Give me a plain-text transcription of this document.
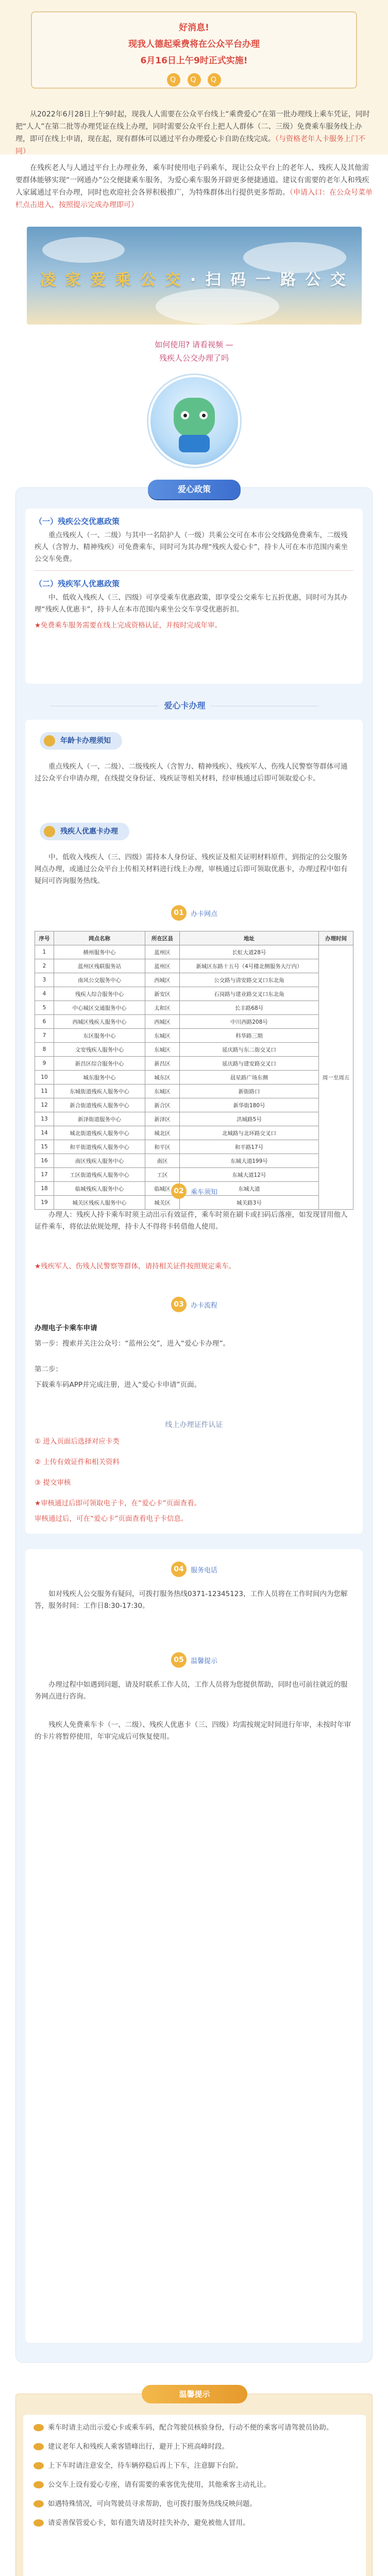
好消息!

现我人德起乘费将在公众平台办理

6月16日上午9时正式实施!

Q Q Q
从2022年6月28日上午9时起，现我人人需要在公众平台线上“乘费爱心”在第一批办理线上乘车凭证，同时把“人人”在第二批等办理凭证在线上办理，同时需要公众平台上把人人群体（二、三级）免费乘车服务线上办理，即可在线上申请，现在起，现有群体可以通过平台办理爱心卡自助在线完成。（与资格老年人卡服务上门不同）
在残疾老人与人通过平台上办理业务，乘车时使用电子码乘车，现让公众平台上的老年人、残疾人及其他需要群体能够实现“一网通办”公交便捷乘车服务，为爱心乘车服务开辟更多便捷通道。建议有需要的老年人和残疾人家属通过平台办理，同时也欢迎社会各界积极推广，为特殊群体出行提供更多帮助。（申请入口：在公众号菜单栏点击进入，按照提示完成办理即可）
凌 家 爱 乘 公 交 · 扫 码 一 路 公 交
如何使用? 请看视频 —
残疾人公交办理了吗
爱心政策
（一）残疾公交优惠政策
重点残疾人（一、二级）与其中一名陪护人（一级）共乘公交可在本市公交线路免费乘车，二级残疾人（含智力、精神残疾）可免费乘车，同时可为其办理“残疾人爱心卡”，持卡人可在本市范围内乘坐公交车免费。
（二）残疾军人优惠政策
中、低收入残疾人（三、四级）可享受乘车优惠政策，即享受公交乘车七五折优惠，同时可为其办理“残疾人优惠卡”，持卡人在本市范围内乘坐公交车享受优惠折扣。
★免费乘车服务需要在线上完成资格认证，并按时完成年审。
爱心卡办理
年龄卡办理须知
重点残疾人（一、二级）、二级残疾人（含智力、精神残疾）、残疾军人、伤残人民警察等群体可通过公众平台申请办理，在线提交身份证、残疾证等相关材料，经审核通过后即可领取爱心卡。
残疾人优惠卡办理
中、低收入残疾人（三、四级）需持本人身份证、残疾证及相关证明材料原件，到指定的公交服务网点办理，或通过公众平台上传相关材料进行线上办理，审核通过后即可领取优惠卡，办理过程中如有疑问可咨询服务热线。
01 办卡网点
序号	网点名称	所在区县	地址	办理时间
1	横州服务中心	蓝州区	长虹大道28号	周一至周五
2	蓝州区残联服务站	蓝州区	新城区东路十五号（4号楼北侧服务大厅内）	
3	南风公交服务中心	西城区	公交路与清安路交叉口东北角	
4	残疾人综合服务中心	新安区	石岗路与建业路交叉口东北角	
5	中心城区交通服务中心	太和区	长丰路68号	
6	西城区残疾人服务中心	西城区	中川西路208号	
7	东区服务中心	东城区	科华路三期	
8	文安残疾人服务中心	东城区	延庆路与东二街交叉口	
9	新昌区综合服务中心	新昌区	延庆路与建安路交叉口	
10	城东服务中心	城东区	晨星路广场东侧	
11	东城街道残疾人服务中心	东城区	新街路口	
12	新合街道残疾人服务中心	新合区	新华街180号	
13	新泽街道服务中心	新泽区	洪城路5号	
14	城北街道残疾人服务中心	城北区	北城路与北环路交叉口	
15	和平街道残疾人服务中心	和平区	和平路17号	
16	南区残疾人服务中心	南区	东城大道199号	
17	工区街道残疾人服务中心	工区	东城大道12号	
18	临城残疾人服务中心	临城区	东城大道	
19	城关区残疾人服务中心	城关区	城关路3号	
02 乘车须知
办理人：残疾人持卡乘车时须主动出示有效证件，乘车时须在刷卡或扫码后落座，如发现冒用他人证件乘车，将依法依规处理，持卡人不得将卡转借他人使用。
★残疾军人、伤残人民警察等群体，请持相关证件按照规定乘车。
03 办卡流程
办理电子卡乘车申请
第一步：搜索并关注公众号：“蓝州公交”，进入“爱心卡办理”。
第二步：
下载乘车码APP并完成注册，进入“爱心卡申请”页面。
线上办理证件认证
① 进入页面后选择对应卡类
② 上传有效证件和相关资料
③ 提交审核
★审核通过后即可领取电子卡，在“爱心卡”页面查看。
审核通过后，可在“爱心卡”页面查看电子卡信息。
04 服务电话
如对残疾人公交服务有疑问，可拨打服务热线0371-12345123，工作人员将在工作时间内为您解答，服务时间：工作日8:30-17:30。
05 温馨提示
办理过程中如遇到问题，请及时联系工作人员，工作人员将为您提供帮助，同时也可前往就近的服务网点进行咨询。
残疾人免费乘车卡（一、二级）、残疾人优惠卡（三、四级）均需按规定时间进行年审，未按时年审的卡片将暂停使用，年审完成后可恢复使用。
温馨提示
乘车时请主动出示爱心卡或乘车码，配合驾驶员核验身份，行动不便的乘客可请驾驶员协助。
建议老年人和残疾人乘客错峰出行，避开上下班高峰时段。
上下车时请注意安全，待车辆停稳后再上下车，注意脚下台阶。
公交车上设有爱心专座，请有需要的乘客优先使用，其他乘客主动礼让。
如遇特殊情况，可向驾驶员寻求帮助，也可拨打服务热线反映问题。
请妥善保管爱心卡，如有遗失请及时挂失补办，避免被他人冒用。
